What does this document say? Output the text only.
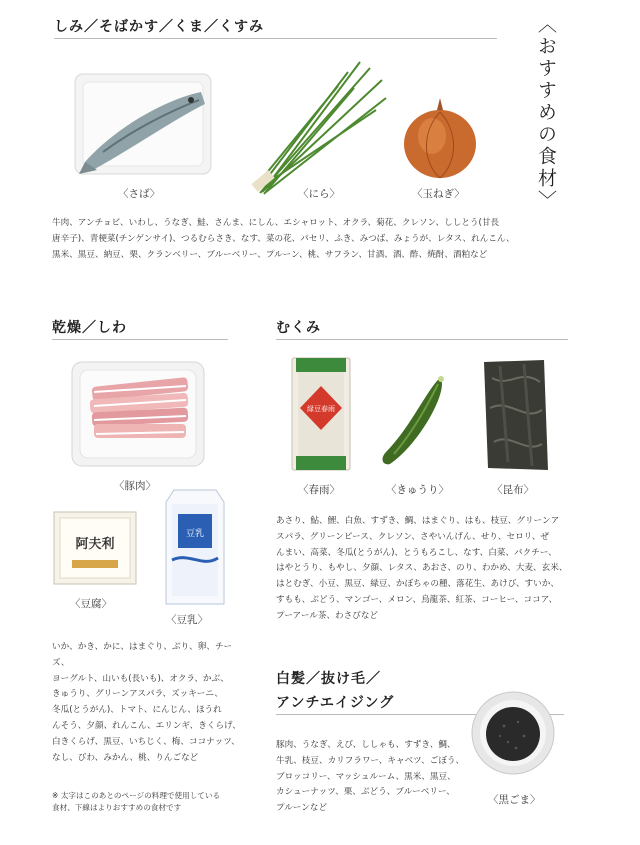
〈おすすめの食材〉
しみ／そばかす／くま／くすみ
〈さば〉	〈にら〉	〈玉ねぎ〉
牛肉、アンチョビ、いわし、うなぎ、鮭、さんま、にしん、エシャロット、オクラ、菊花、クレソン、ししとう(甘長
唐辛子)、青梗菜(チンゲンサイ)、つるむらさき、なす、菜の花、パセリ、ふき、みつば、みょうが、レタス、れんこん、
黒米、黒豆、納豆、栗、クランベリー、ブルーベリー、プルーン、桃、サフラン、甘酒、酒、酢、焼酎、酒粕など
乾燥／しわ
〈豚肉〉
阿夫利
〈豆腐〉
豆乳
〈豆乳〉
いか、かき、かに、はまぐり、ぶり、卵、チーズ、
ヨーグルト、山いも(長いも)、オクラ、かぶ、
きゅうり、グリーンアスパラ、ズッキーニ、
冬瓜(とうがん)、トマト、にんじん、ほうれ
んそう、夕顔、れんこん、エリンギ、きくらげ、
白きくらげ、黒豆、いちじく、梅、ココナッツ、
なし、びわ、みかん、桃、りんごなど
※ 太字はこのあとのページの料理で使用している
食材、下線はよりおすすめの食材です
むくみ
緑豆春雨
〈春雨〉	〈きゅうり〉	〈昆布〉
あさり、鮎、鯉、白魚、すずき、鯛、はまぐり、はも、枝豆、グリーンア
スパラ、グリーンピース、クレソン、さやいんげん、せり、セロリ、ぜ
んまい、高菜、冬瓜(とうがん)、とうもろこし、なす、白菜、パクチー、
はやとうり、もやし、夕顔、レタス、あおさ、のり、わかめ、大麦、玄米、
はとむぎ、小豆、黒豆、緑豆、かぼちゃの種、落花生、あけび、すいか、
すもも、ぶどう、マンゴー、メロン、烏龍茶、紅茶、コーヒー、ココア、
プーアール茶、わさびなど
白髪／抜け毛／
アンチエイジング
〈黒ごま〉
豚肉、うなぎ、えび、ししゃも、すずき、鯛、
牛乳、枝豆、カリフラワー、キャベツ、ごぼう、
ブロッコリー、マッシュルーム、黒米、黒豆、
カシューナッツ、栗、ぶどう、ブルーベリー、
プルーンなど
